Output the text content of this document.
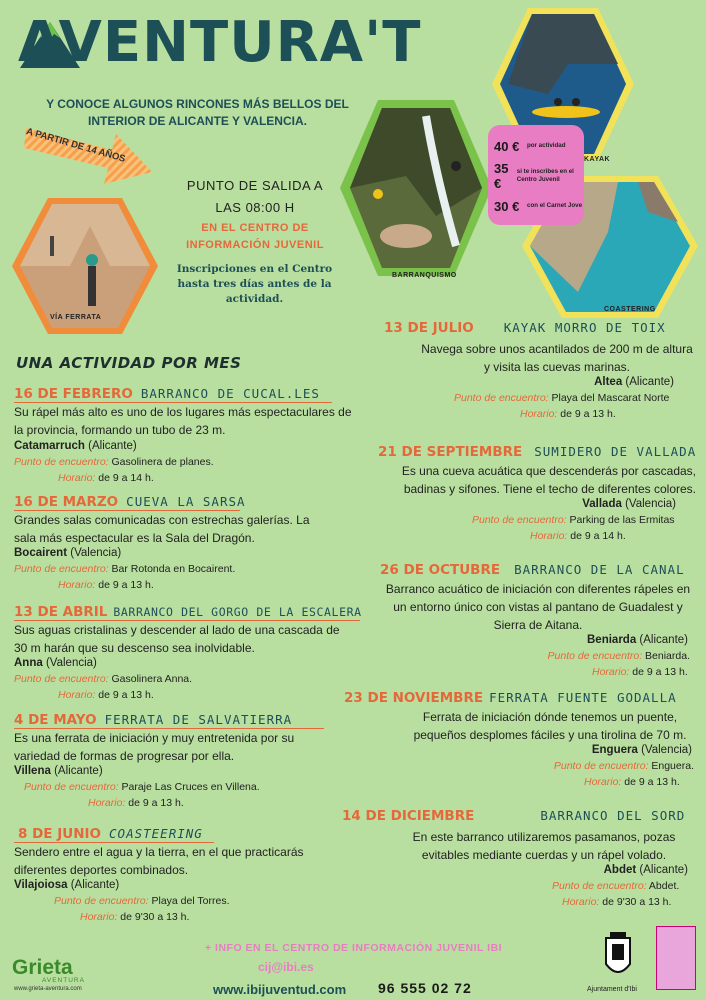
AVENTURA'T
Y CONOCE ALGUNOS RINCONES MÁS BELLOS DEL INTERIOR DE ALICANTE Y VALENCIA.
A PARTIR DE 14 AÑOS
VÍA FERRATA
KAYAK
BARRANQUISMO
COASTERING
40 €	por actividad
35 €
si te inscribes en el Centro Juvenil
30 €	con el Carnet Jove
PUNTO DE SALIDA A
LAS 08:00 H
EN EL CENTRO DE INFORMACIÓN JUVENIL
Inscripciones en el Centro hasta tres días antes de la actividad.
UNA ACTIVIDAD POR MES
16 DE FEBRERO BARRANCO DE CUCAL.LES
Su rápel más alto es uno de los lugares más espectaculares de la provincia, formando un tubo de 23 m.
Catamarruch (Alicante)
Punto de encuentro: Gasolinera de planes.
Horario: de 9 a 14 h.
16 DE MARZO CUEVA LA SARSA
Grandes salas comunicadas con estrechas galerías. La sala más espectacular es la Sala del Dragón.
Bocairent (Valencia)
Punto de encuentro: Bar Rotonda en Bocairent.
Horario: de 9 a 13 h.
13 DE ABRIL BARRANCO DEL GORGO DE LA ESCALERA
Sus aguas cristalinas y descender al lado de una cascada de 30 m harán que su descenso sea inolvidable.
Anna (Valencia)
Punto de encuentro: Gasolinera Anna.
Horario: de 9 a 13 h.
4 DE MAYO FERRATA DE SALVATIERRA
Es una ferrata de iniciación y muy entretenida por su variedad de formas de progresar por ella.
Villena (Alicante)
Punto de encuentro: Paraje Las Cruces en Villena.
Horario: de 9 a 13 h.
8 DE JUNIO COASTEERING
Sendero entre el agua y la tierra, en el que practicarás diferentes deportes combinados.
Vilajoiosa (Alicante)
Punto de encuentro: Playa del Torres.
Horario: de 9'30 a 13 h.
13 DE JULIO KAYAK MORRO DE TOIX
Navega sobre unos acantilados de 200 m de altura y visita las cuevas marinas.
Altea (Alicante)
Punto de encuentro: Playa del Mascarat Norte
Horario: de 9 a 13 h.
21 DE SEPTIEMBRE SUMIDERO DE VALLADA
Es una cueva acuática que descenderás por cascadas, badinas y sifones. Tiene el techo de diferentes colores.
Vallada (Valencia)
Punto de encuentro: Parking de las Ermitas
Horario: de 9 a 14 h.
26 DE OCTUBRE BARRANCO DE LA CANAL
Barranco acuático de iniciación con diferentes rápeles en un entorno único con vistas al pantano de Guadalest y Sierra de Aitana.
Beniarda (Alicante)
Punto de encuentro: Beniarda.
Horario: de 9 a 13 h.
23 DE NOVIEMBRE FERRATA FUENTE GODALLA
Ferrata de iniciación dónde tenemos un puente, pequeños desplomes fáciles y una tirolina de 70 m.
Enguera (Valencia)
Punto de encuentro: Enguera.
Horario: de 9 a 13 h.
14 DE DICIEMBRE	BARRANCO DEL SORD
En este barranco utilizaremos pasamanos, pozas evitables mediante cuerdas y un rápel volado.
Abdet (Alicante)
Punto de encuentro: Abdet.
Horario: de 9'30 a 13 h.
+ INFO EN EL CENTRO DE INFORMACIÓN JUVENIL IBI
cij@ibi.es
www.ibijuventud.com 96 555 02 72
Grieta
AVENTURA
www.grieta-aventura.com	Ajuntament d'Ibi
